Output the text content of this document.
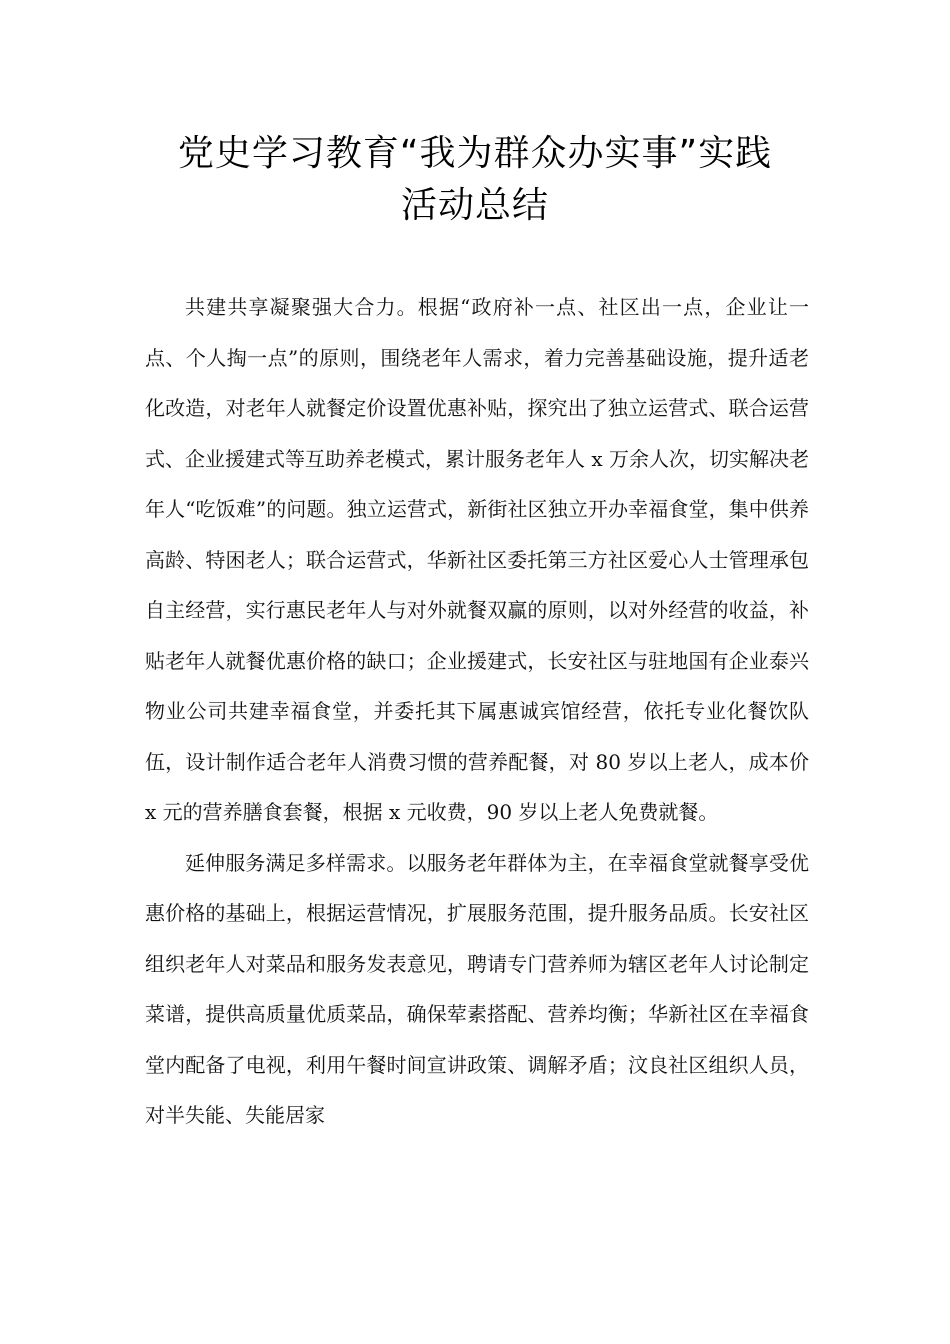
党史学习教育“我为群众办实事”实践
活动总结

共建共享凝聚强大合力。根据“政府补一点、社区出一点，企业让一点、个人掏一点”的原则，围绕老年人需求，着力完善基础设施，提升适老化改造，对老年人就餐定价设置优惠补贴，探究出了独立运营式、联合运营式、企业援建式等互助养老模式，累计服务老年人 x 万余人次，切实解决老年人“吃饭难”的问题。独立运营式，新街社区独立开办幸福食堂，集中供养高龄、特困老人；联合运营式，华新社区委托第三方社区爱心人士管理承包自主经营，实行惠民老年人与对外就餐双赢的原则，以对外经营的收益，补贴老年人就餐优惠价格的缺口；企业援建式，长安社区与驻地国有企业泰兴物业公司共建幸福食堂，并委托其下属惠诚宾馆经营，依托专业化餐饮队伍，设计制作适合老年人消费习惯的营养配餐，对 80 岁以上老人，成本价 x 元的营养膳食套餐，根据 x 元收费，90 岁以上老人免费就餐。

延伸服务满足多样需求。以服务老年群体为主，在幸福食堂就餐享受优惠价格的基础上，根据运营情况，扩展服务范围，提升服务品质。长安社区组织老年人对菜品和服务发表意见，聘请专门营养师为辖区老年人讨论制定菜谱，提供高质量优质菜品，确保荤素搭配、营养均衡；华新社区在幸福食堂内配备了电视，利用午餐时间宣讲政策、调解矛盾；汶良社区组织人员，对半失能、失能居家
